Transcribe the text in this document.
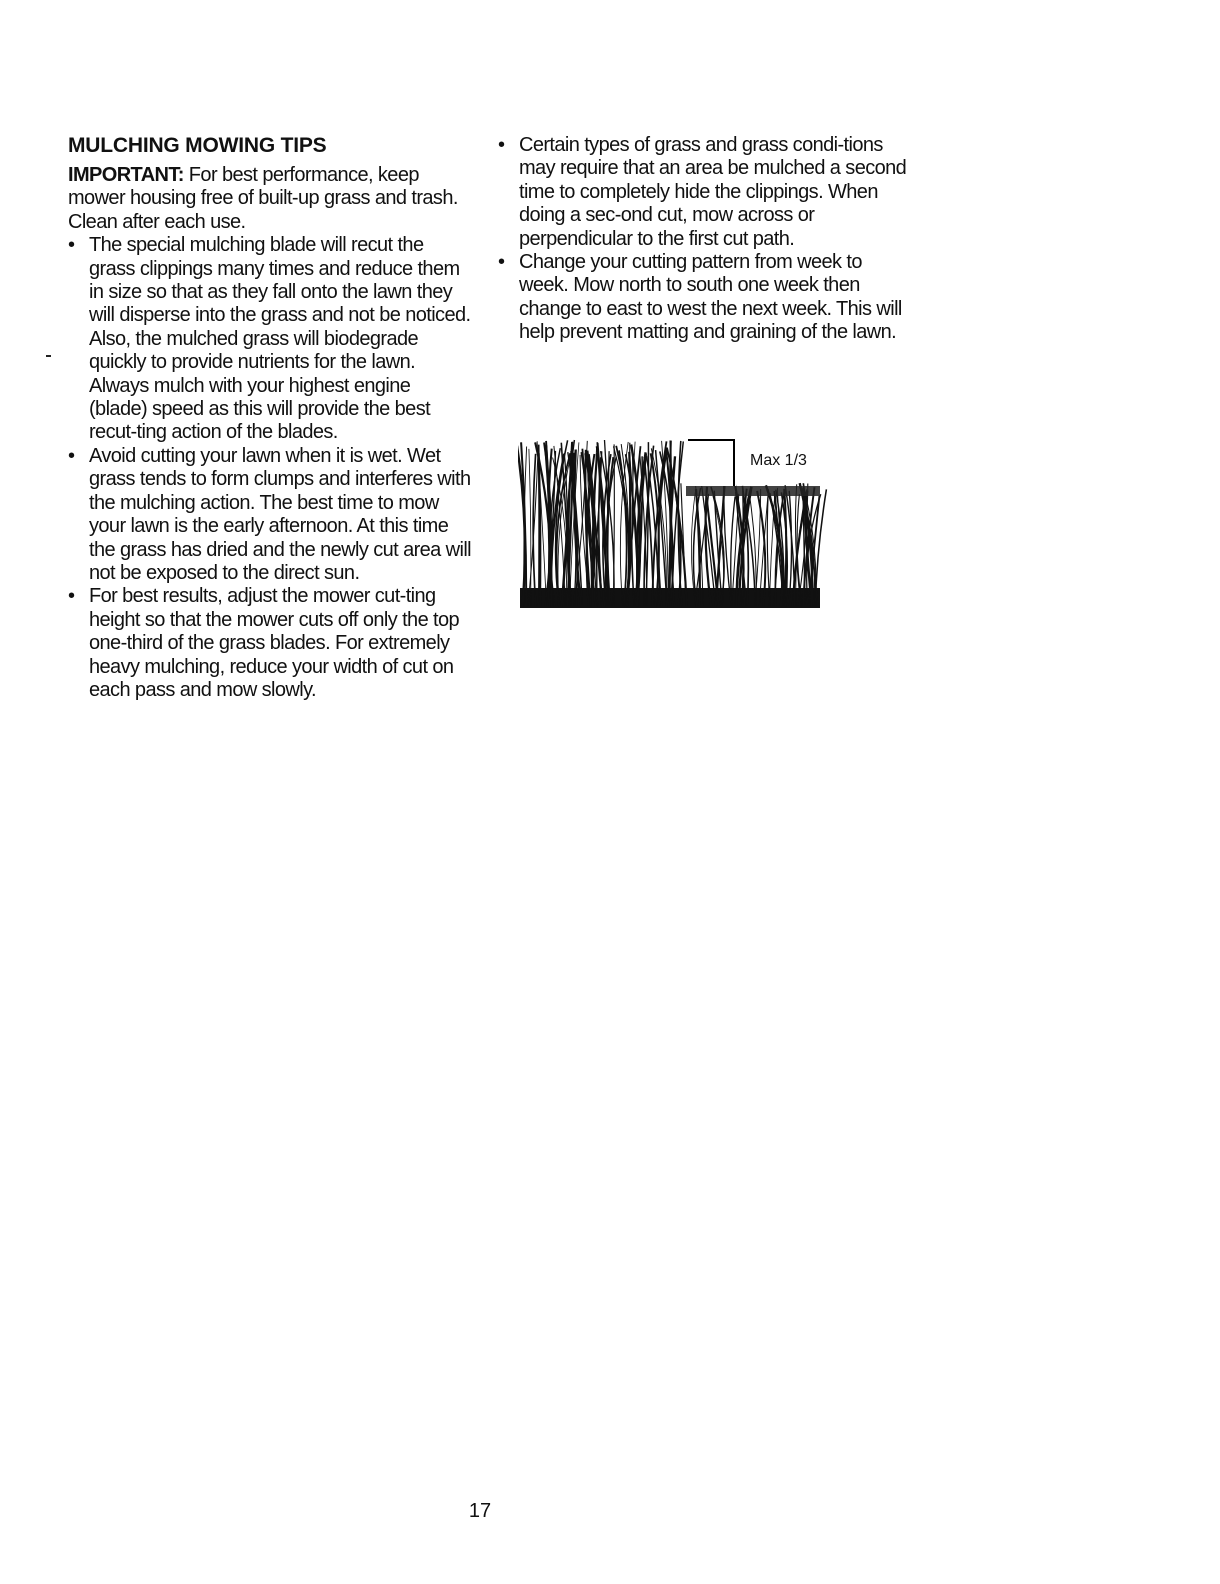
MULCHING MOWING TIPS

IMPORTANT: For best performance, keep mower housing free of built-up grass and trash. Clean after each use.

• The special mulching blade will recut the grass clippings many times and reduce them in size so that as they fall onto the lawn they will disperse into the grass and not be noticed. Also, the mulched grass will biodegrade quickly to provide nutrients for the lawn. Always mulch with your highest engine (blade) speed as this will provide the best recut-ting action of the blades.
• Avoid cutting your lawn when it is wet. Wet grass tends to form clumps and interferes with the mulching action. The best time to mow your lawn is the early afternoon. At this time the grass has dried and the newly cut area will not be exposed to the direct sun.
• For best results, adjust the mower cut-ting height so that the mower cuts off only the top one-third of the grass blades. For extremely heavy mulching, reduce your width of cut on each pass and mow slowly.
• Certain types of grass and grass condi-tions may require that an area be mulched a second time to completely hide the clippings. When doing a sec-ond cut, mow across or perpendicular to the first cut path.
• Change your cutting pattern from week to week. Mow north to south one week then change to east to west the next week. This will help prevent matting and graining of the lawn.
Max 1/3
17
